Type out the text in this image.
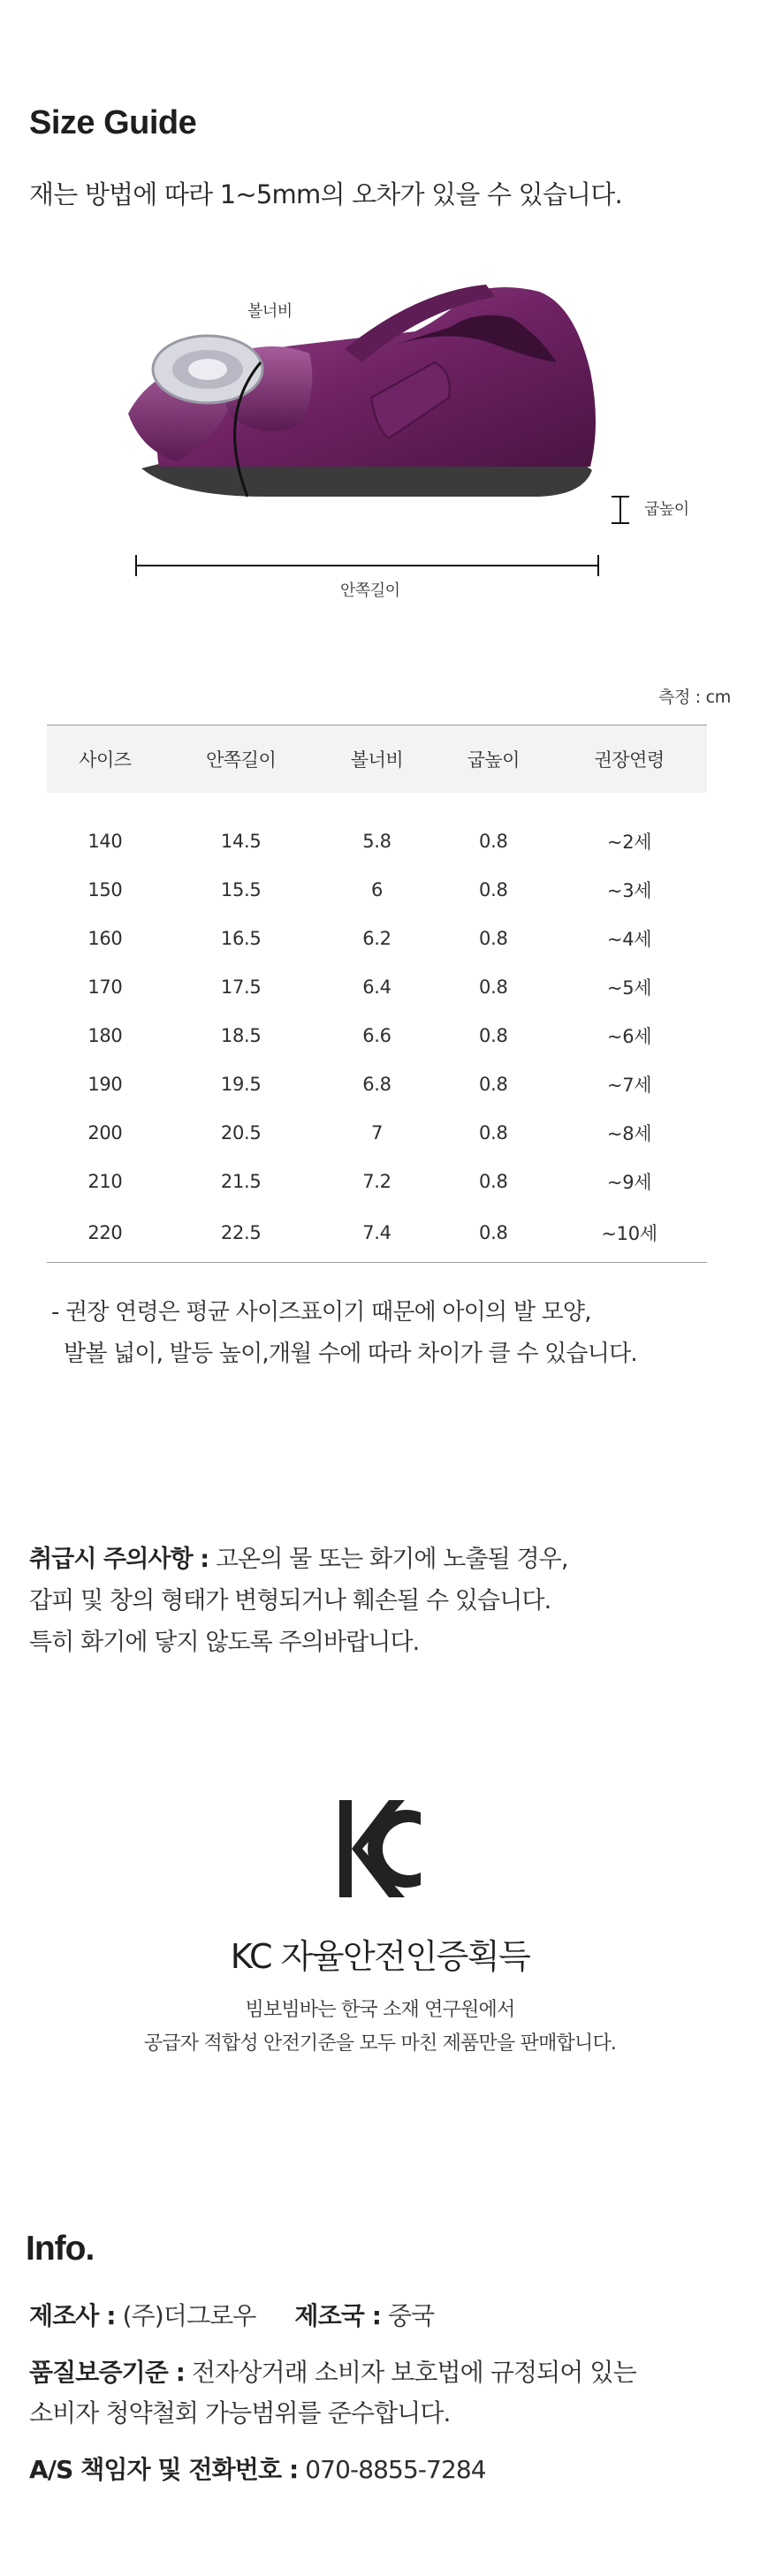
Size Guide
재는 방법에 따라 1~5mm의 오차가 있을 수 있습니다.
볼너비
굽높이
안쪽길이
측정 : cm
사이즈	안쪽길이	볼너비	굽높이	권장연령
140	14.5	5.8	0.8	~2세
150	15.5	6	0.8	~3세
160	16.5	6.2	0.8	~4세
170	17.5	6.4	0.8	~5세
180	18.5	6.6	0.8	~6세
190	19.5	6.8	0.8	~7세
200	20.5	7	0.8	~8세
210	21.5	7.2	0.8	~9세
220	22.5	7.4	0.8	~10세
- 권장 연령은 평균 사이즈표이기 때문에 아이의 발 모양,
발볼 넓이, 발등 높이,개월 수에 따라 차이가 클 수 있습니다.
취급시 주의사항 : 고온의 물 또는 화기에 노출될 경우,
갑피 및 창의 형태가 변형되거나 훼손될 수 있습니다.
특히 화기에 닿지 않도록 주의바랍니다.
KC 자율안전인증획득
빔보빔바는 한국 소재 연구원에서
공급자 적합성 안전기준을 모두 마친 제품만을 판매합니다.
Info.
제조사 : (주)더그로우 제조국 : 중국
품질보증기준 : 전자상거래 소비자 보호법에 규정되어 있는
소비자 청약철회 가능범위를 준수합니다.
A/S 책임자 및 전화번호 : 070-8855-7284
